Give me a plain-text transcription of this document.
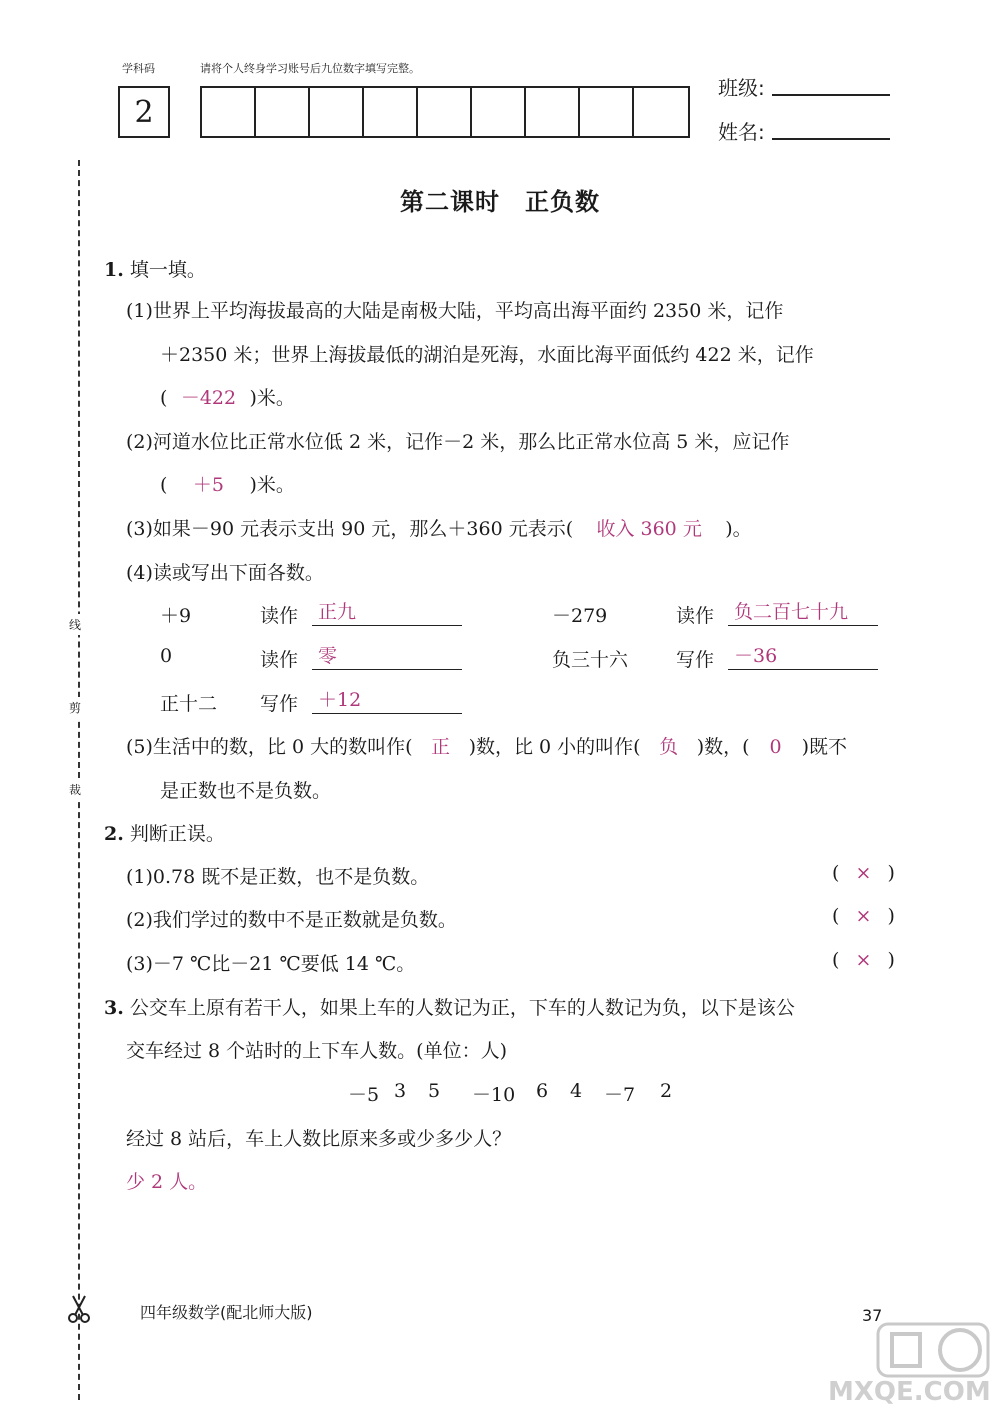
学科码	请将个人终身学习账号后九位数字填写完整。
2
班级:
姓名:
线
剪
裁
第二课时　正负数
1. 填一填。
(1)世界上平均海拔最高的大陆是南极大陆，平均高出海平面约 2350 米，记作
＋2350 米；世界上海拔最低的湖泊是死海，水面比海平面低约 422 米，记作
( －422 )米。
(2)河道水位比正常水位低 2 米，记作－2 米，那么比正常水位高 5 米，应记作
( ＋5 )米。
(3)如果－90 元表示支出 90 元，那么＋360 元表示( 收入 360 元 )。
(4)读或写出下面各数。
＋9	读作	正九	－279	读作	负二百七十九
0	读作	零	负三十六	写作	－36
正十二 写作	＋12
(5)生活中的数，比 0 大的数叫作( 正 )数，比 0 小的叫作( 负 )数，( 0 )既不
是正数也不是负数。
2. 判断正误。
(1)0.78 既不是正数，也不是负数。	( × )
(2)我们学过的数中不是正数就是负数。	( × )
(3)－7 ℃比－21 ℃要低 14 ℃。	( × )
3. 公交车上原有若干人，如果上车的人数记为正，下车的人数记为负，以下是该公
交车经过 8 个站时的上下车人数。(单位：人)
－5 3	5	－10	6	4	－7	2
经过 8 站后，车上人数比原来多或少多少人？
少 2 人。
四年级数学(配北师大版)	37
MXQE.COM
